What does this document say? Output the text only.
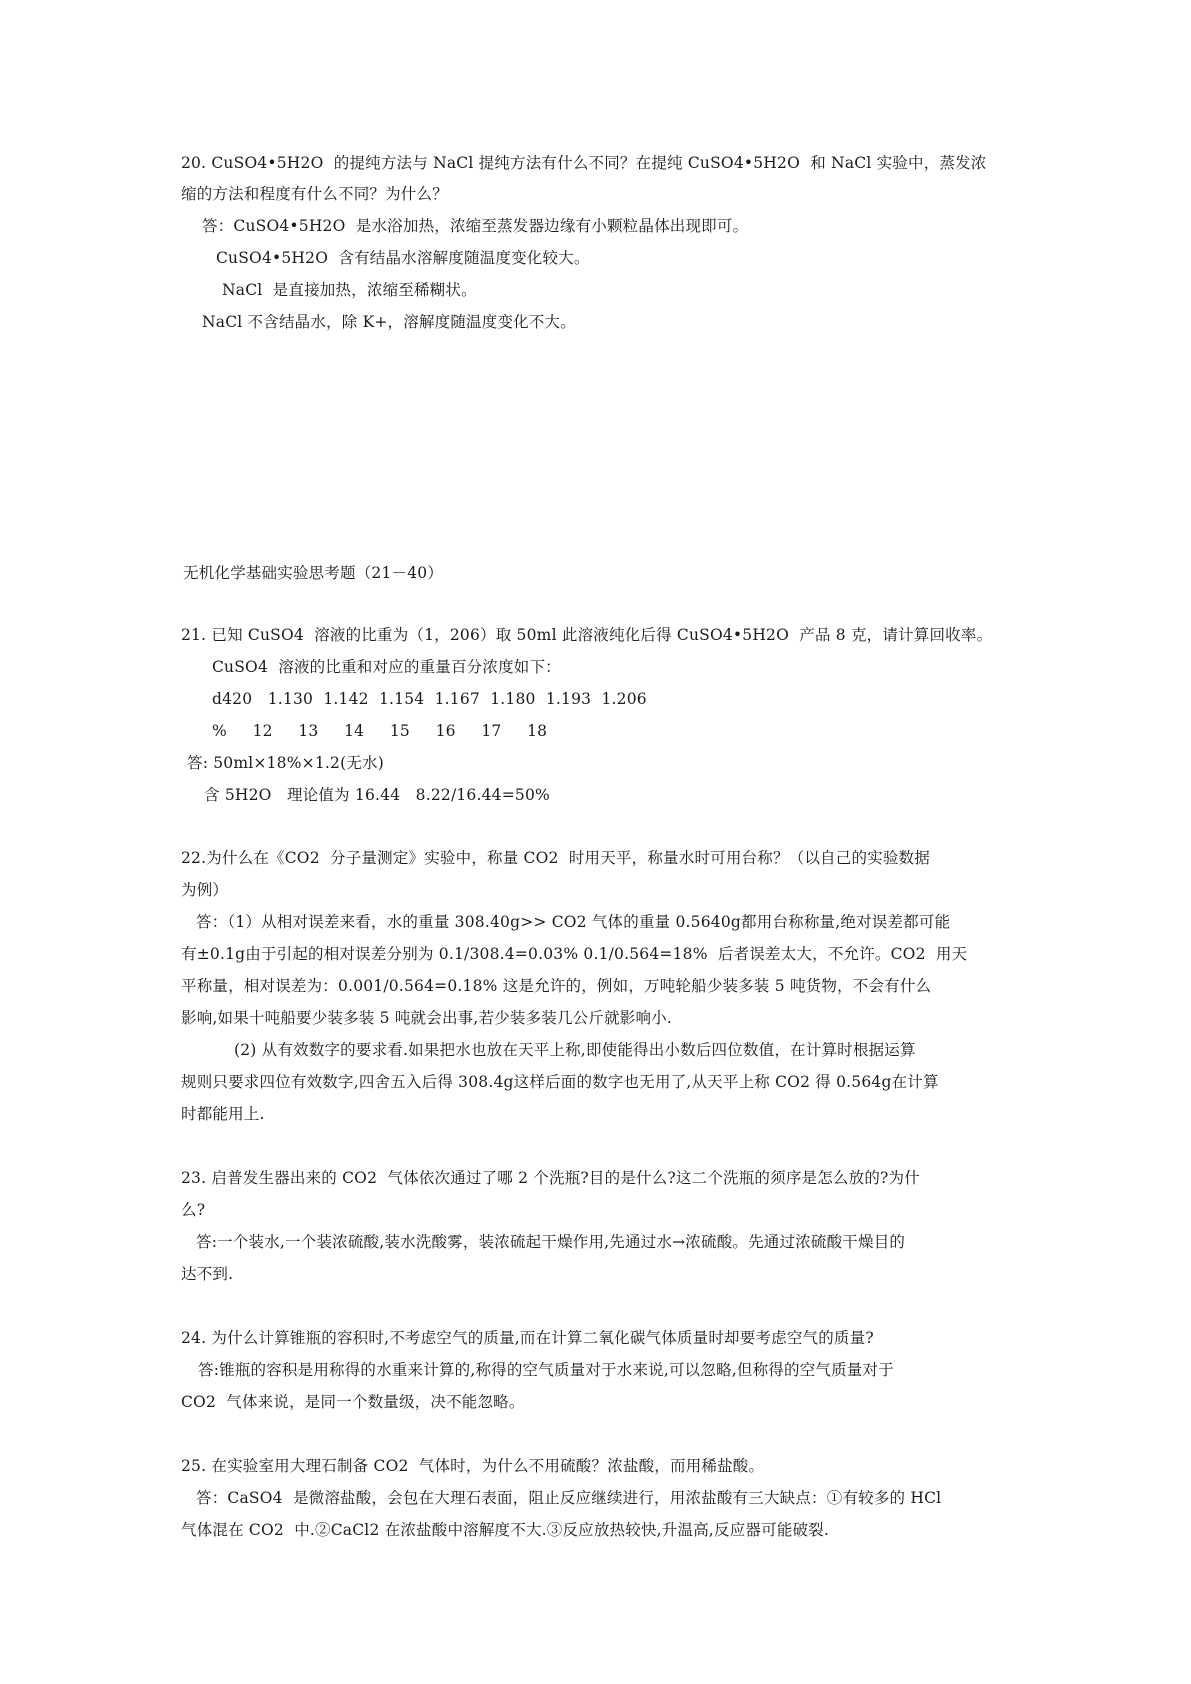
20. CuSO4•5H2O  的提纯方法与 NaCl 提纯方法有什么不同？在提纯 CuSO4•5H2O  和 NaCl 实验中，蒸发浓
缩的方法和程度有什么不同？为什么？
答：CuSO4•5H2O  是水浴加热，浓缩至蒸发器边缘有小颗粒晶体出现即可。
CuSO4•5H2O  含有结晶水溶解度随温度变化较大。
NaCl  是直接加热，浓缩至稀糊状。
NaCl 不含结晶水，除 K+，溶解度随温度变化不大。
无机化学基础实验思考题（21－40）
21. 已知 CuSO4  溶液的比重为（1，206）取 50ml 此溶液纯化后得 CuSO4•5H2O  产品 8 克，请计算回收率。
CuSO4  溶液的比重和对应的重量百分浓度如下：
d420   1.130  1.142  1.154  1.167  1.180  1.193  1.206
%     12     13     14     15     16     17     18
答: 50ml×18%×1.2(无水)
含 5H2O   理论值为 16.44   8.22/16.44=50%
22.为什么在《CO2  分子量测定》实验中，称量 CO2  时用天平，称量水时可用台称？（以自己的实验数据
为例）
答：（1）从相对误差来看，水的重量 308.40g>> CO2 气体的重量 0.5640g都用台称称量,绝对误差都可能
有±0.1g由于引起的相对误差分别为 0.1/308.4=0.03% 0.1/0.564=18%  后者误差太大，不允许。CO2  用天
平称量，相对误差为：0.001/0.564=0.18% 这是允许的，例如，万吨轮船少装多装 5 吨货物，不会有什么
影响,如果十吨船要少装多装 5 吨就会出事,若少装多装几公斤就影响小.
(2) 从有效数字的要求看.如果把水也放在天平上称,即使能得出小数后四位数值，在计算时根据运算
规则只要求四位有效数字,四舍五入后得 308.4g这样后面的数字也无用了,从天平上称 CO2 得 0.564g在计算
时都能用上.
23. 启普发生器出来的 CO2  气体依次通过了哪 2 个洗瓶?目的是什么?这二个洗瓶的须序是怎么放的?为什
么?
答:一个装水,一个装浓硫酸,装水洗酸雾，装浓硫起干燥作用,先通过水→浓硫酸。先通过浓硫酸干燥目的
达不到.
24. 为什么计算锥瓶的容积时,不考虑空气的质量,而在计算二氧化碳气体质量时却要考虑空气的质量?
答:锥瓶的容积是用称得的水重来计算的,称得的空气质量对于水来说,可以忽略,但称得的空气质量对于
CO2  气体来说，是同一个数量级，决不能忽略。
25. 在实验室用大理石制备 CO2  气体时，为什么不用硫酸？浓盐酸，而用稀盐酸。
答：CaSO4  是微溶盐酸，会包在大理石表面，阻止反应继续进行，用浓盐酸有三大缺点：①有较多的 HCl
气体混在 CO2  中.②CaCl2 在浓盐酸中溶解度不大.③反应放热较快,升温高,反应器可能破裂.
